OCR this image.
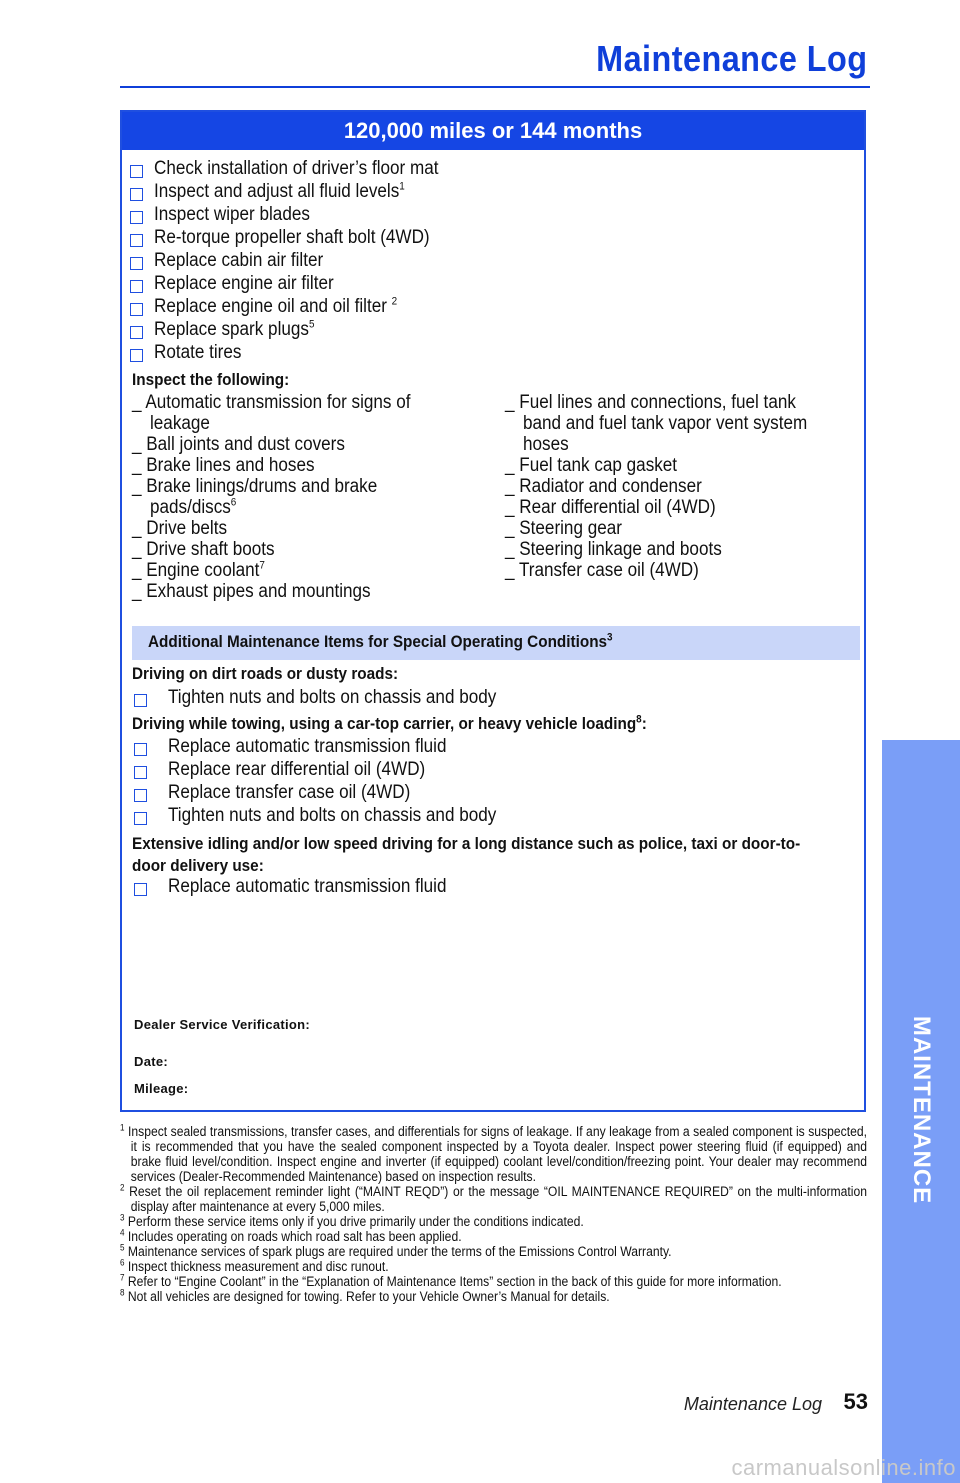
Maintenance Log
120,000 miles or 144 months
Check installation of driver’s floor mat
Inspect and adjust all fluid levels$^1$
Inspect wiper blades
Re-torque propeller shaft bolt (4WD)
Replace cabin air filter
Replace engine air filter
Replace engine oil and oil filter $^2$
Replace spark plugs$^5$
Rotate tires
Inspect the following:
_ Automatic transmission for signs of leakage
_ Ball joints and dust covers
_ Brake lines and hoses
_ Brake linings/drums and brake pads/discs$^6$
_ Drive belts
_ Drive shaft boots
_ Engine coolant$^7$
_ Exhaust pipes and mountings
_ Fuel lines and connections, fuel tank band and fuel tank vapor vent system hoses
_ Fuel tank cap gasket
_ Radiator and condenser
_ Rear differential oil (4WD)
_ Steering gear
_ Steering linkage and boots
_ Transfer case oil (4WD)
Additional Maintenance Items for Special Operating Conditions$^3$
Driving on dirt roads or dusty roads:
Tighten nuts and bolts on chassis and body
Driving while towing, using a car-top carrier, or heavy vehicle loading$^8$:
Replace automatic transmission fluid
Replace rear differential oil (4WD)
Replace transfer case oil (4WD)
Tighten nuts and bolts on chassis and body
Extensive idling and/or low speed driving for a long distance such as police, taxi or door-to-door delivery use:
Replace automatic transmission fluid
Dealer Service Verification:
Date:
Mileage:
$^1$ Inspect sealed transmissions, transfer cases, and differentials for signs of leakage. If any leakage from a sealed component is suspected, it is recommended that you have the sealed component inspected by a Toyota dealer. Inspect power steering fluid (if equipped) and brake fluid level/condition. Inspect engine and inverter (if equipped) coolant level/condition/freezing point. Your dealer may recommend services (Dealer-Recommended Maintenance) based on inspection results.
$^2$ Reset the oil replacement reminder light (“MAINT REQD”) or the message “OIL MAINTENANCE REQUIRED” on the multi-information display after maintenance at every 5,000 miles.
$^3$ Perform these service items only if you drive primarily under the conditions indicated.
$^4$ Includes operating on roads which road salt has been applied.
$^5$ Maintenance services of spark plugs are required under the terms of the Emissions Control Warranty.
$^6$ Inspect thickness measurement and disc runout.
$^7$ Refer to “Engine Coolant” in the “Explanation of Maintenance Items” section in the back of this guide for more information.
$^8$ Not all vehicles are designed for towing. Refer to your Vehicle Owner’s Manual for details.
MAINTENANCE
Maintenance Log 53
carmanualsonline.info
